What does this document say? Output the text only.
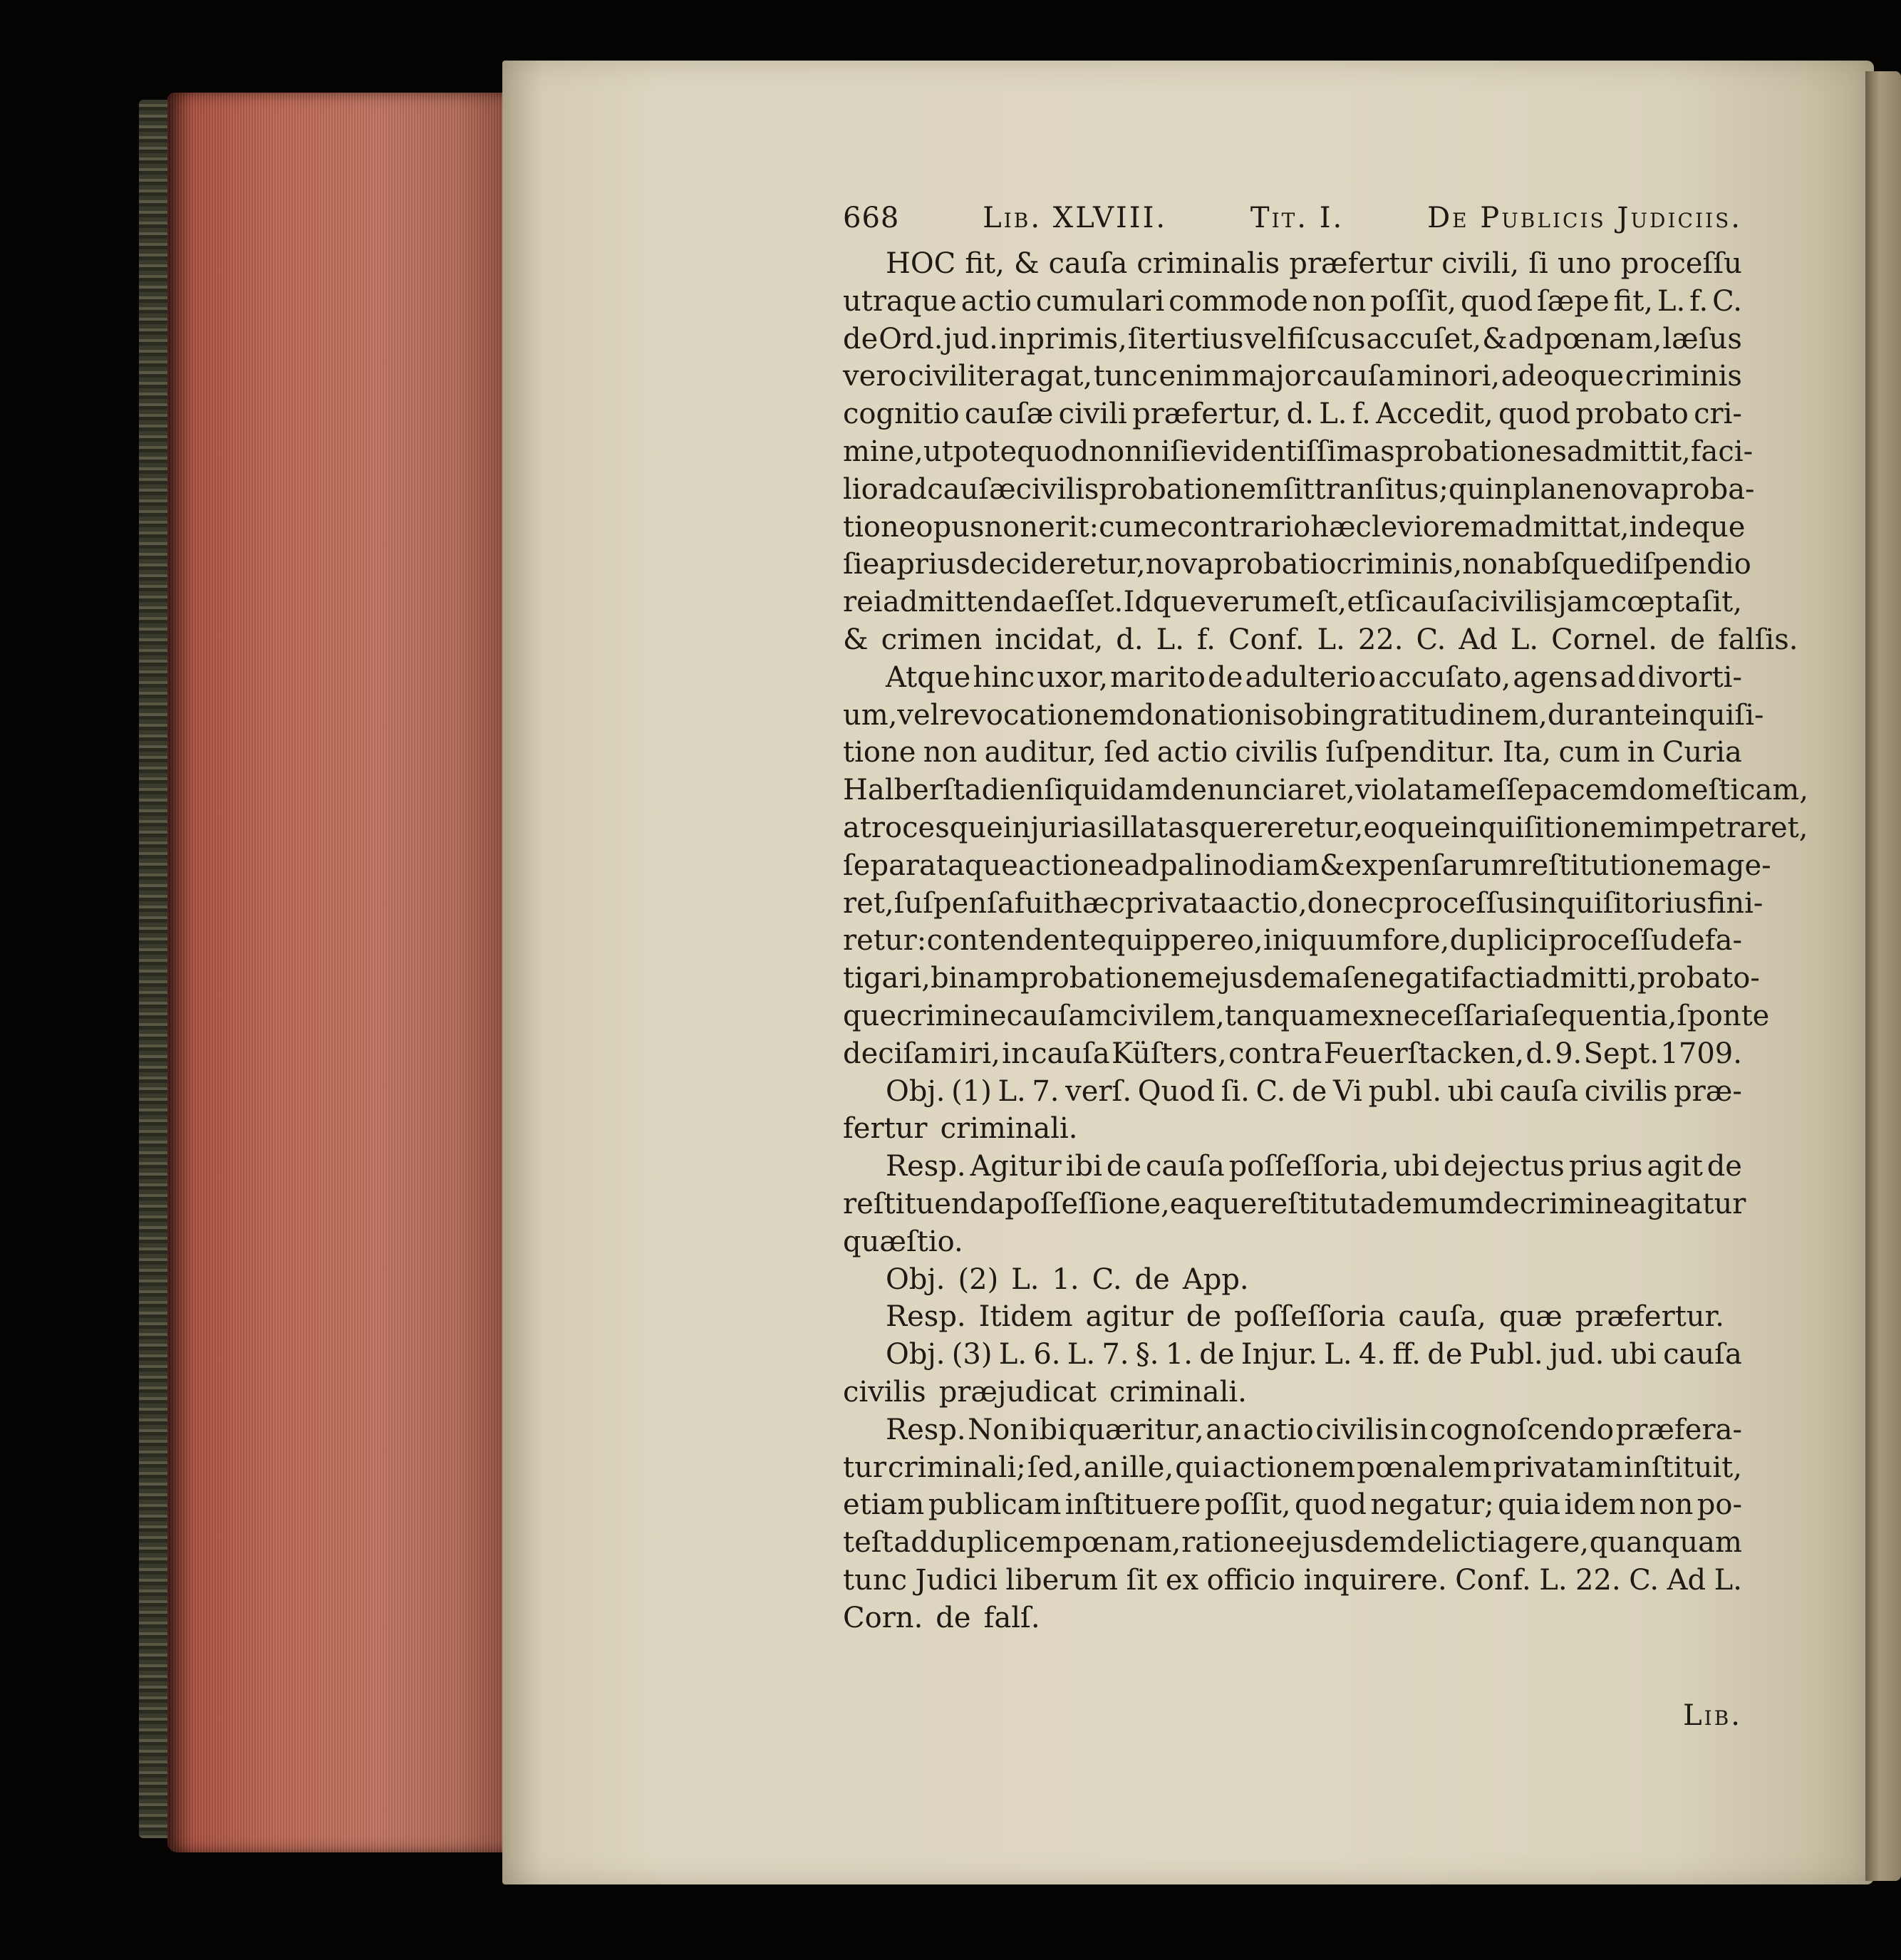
668	Lib. XLVIII.	Tit. I.	De Publicis Judiciis.
HOC fit, & cauſa criminalis præfertur civili, ſi uno proceſſu
utraque actio cumulari commode non poſſit, quod ſæpe fit, L. f. C.
de Ord. jud. inprimis, ſi tertius vel fiſcus accuſet, & ad pœnam, læſus
vero civiliter agat, tunc enim major cauſa minori, adeoque criminis
cognitio cauſæ civili præfertur, d. L. f. Accedit, quod probato cri-
mine, utpote quod non niſi evidentiſſimas probationes admittit, faci-
lior ad cauſæ civilis probationem ſit tranſitus; quin plane nova proba-
tione opus non erit: cum e contrario hæc leviorem admittat, indeque
ſi ea prius decideretur, nova probatio criminis, non abſque diſpendio
rei admittenda eſſet. Idque verum eſt, etſi cauſa civilis jam cœpta ſit,
& crimen incidat, d. L. f. Conf. L. 22. C. Ad L. Cornel. de falſis.
Atque hinc uxor, marito de adulterio accuſato, agens ad divorti-
um, vel revocationem donationis ob ingratitudinem, durante inquiſi-
tione non auditur, ſed actio civilis ſuſpenditur. Ita, cum in Curia
Halberſtadienſi quidam denunciaret, violatam eſſe pacem domeſticam,
atrocesque injurias illatas quereretur, eoque inquiſitionem impetraret,
ſeparataque actione ad palinodiam & expenſarum reſtitutionem age-
ret, ſuſpenſa fuit hæc privata actio, donec proceſſus inquiſitorius fini-
retur: contendente quippe reo, iniquum fore, duplici proceſſu defa-
tigari, binam probationem ejusdem a ſe negati facti admitti, probato-
que crimine cauſam civilem, tanquam ex neceſſaria ſequentia, ſponte
deciſam iri, in cauſa Küſters, contra Feuerſtacken, d. 9. Sept. 1709.
Obj. (1) L. 7. verſ. Quod ſi. C. de Vi publ. ubi cauſa civilis præ-
fertur criminali.
Resp. Agitur ibi de cauſa poſſeſſoria, ubi dejectus prius agit de
reſtituenda poſſeſſione, eaque reſtituta demum de crimine agitatur
quæſtio.
Obj. (2) L. 1. C. de App.
Resp. Itidem agitur de poſſeſſoria cauſa, quæ præfertur.
Obj. (3) L. 6. L. 7. §. 1. de Injur. L. 4. ff. de Publ. jud. ubi cauſa
civilis præjudicat criminali.
Resp. Non ibi quæritur, an actio civilis in cognoſcendo præfera-
tur criminali; ſed, an ille, qui actionem pœnalem privatam inſtituit,
etiam publicam inſtituere poſſit, quod negatur; quia idem non po-
teſt ad duplicem pœnam, ratione ejusdem delicti agere, quanquam
tunc Judici liberum ſit ex officio inquirere. Conf. L. 22. C. Ad L.
Corn. de falſ.
Lib.
